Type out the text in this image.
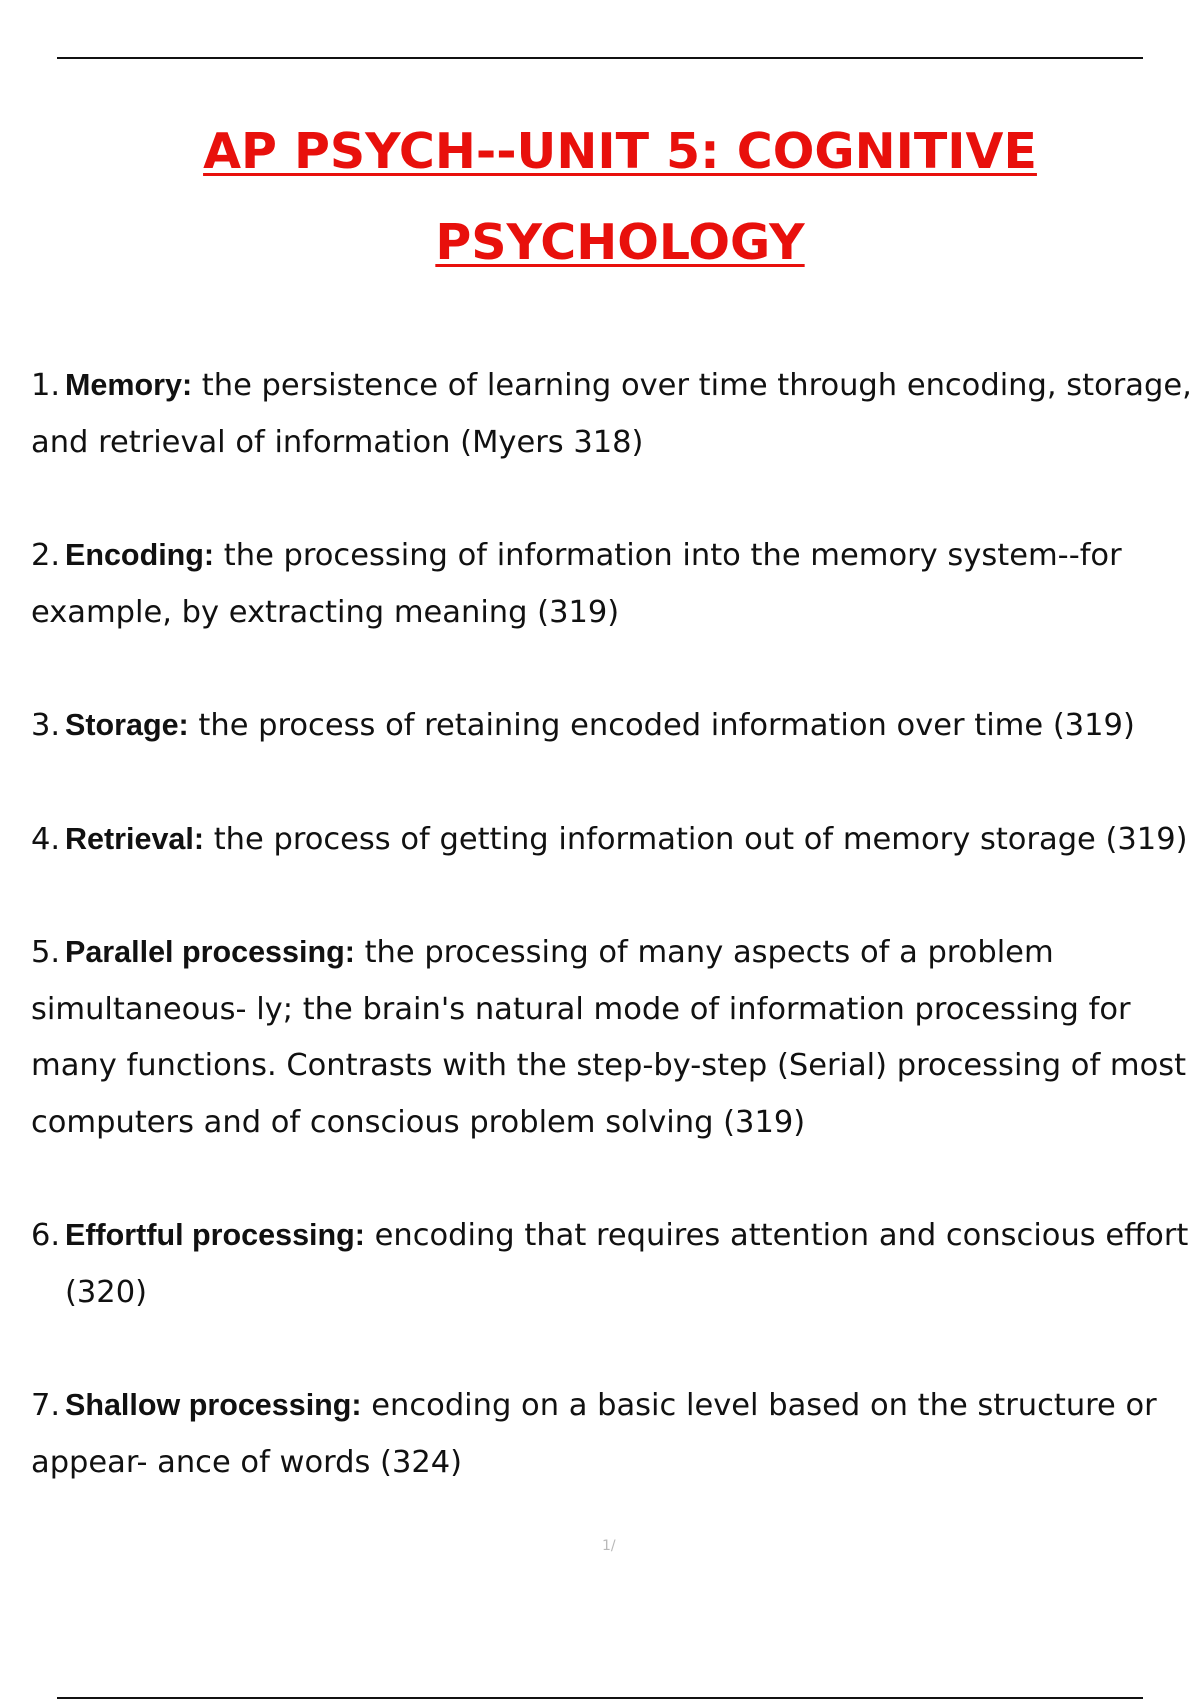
AP PSYCH--UNIT 5: COGNITIVE
PSYCHOLOGY
1. Memory: the persistence of learning over time through encoding, storage, and retrieval of information (Myers 318)
2. Encoding: the processing of information into the memory system--for example, by extracting meaning (319)
3. Storage: the process of retaining encoded information over time (319)
4. Retrieval: the process of getting information out of memory storage (319)
5. Parallel processing: the processing of many aspects of a problem simultaneous- ly; the brain's natural mode of information processing for many functions. Contrasts with the step-by-step (Serial) processing of most computers and of conscious problem solving (319)
6. Effortful processing: encoding that requires attention and conscious effort (320)
7. Shallow processing: encoding on a basic level based on the structure or appear- ance of words (324)
1/
